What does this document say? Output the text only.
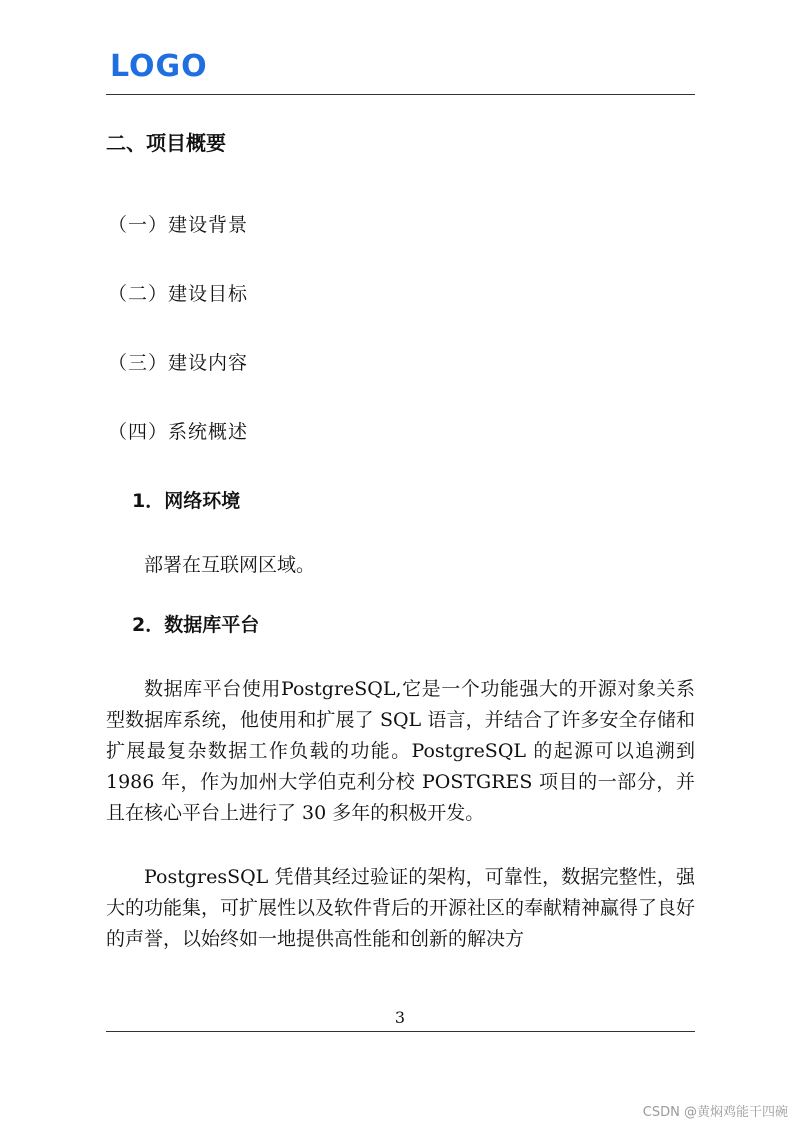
LOGO
二、项目概要
（一）建设背景
（二）建设目标
（三）建设内容
（四）系统概述
1．网络环境

部署在互联网区域。

2．数据库平台

数据库平台使用PostgreSQL,它是一个功能强大的开源对象关系型数据库系统，他使用和扩展了 SQL 语言，并结合了许多安全存储和扩展最复杂数据工作负载的功能。PostgreSQL 的起源可以追溯到 1986 年，作为加州大学伯克利分校 POSTGRES 项目的一部分，并且在核心平台上进行了 30 多年的积极开发。

PostgresSQL 凭借其经过验证的架构，可靠性，数据完整性，强大的功能集，可扩展性以及软件背后的开源社区的奉献精神赢得了良好的声誉，以始终如一地提供高性能和创新的解决方

3
CSDN @黄焖鸡能干四碗
